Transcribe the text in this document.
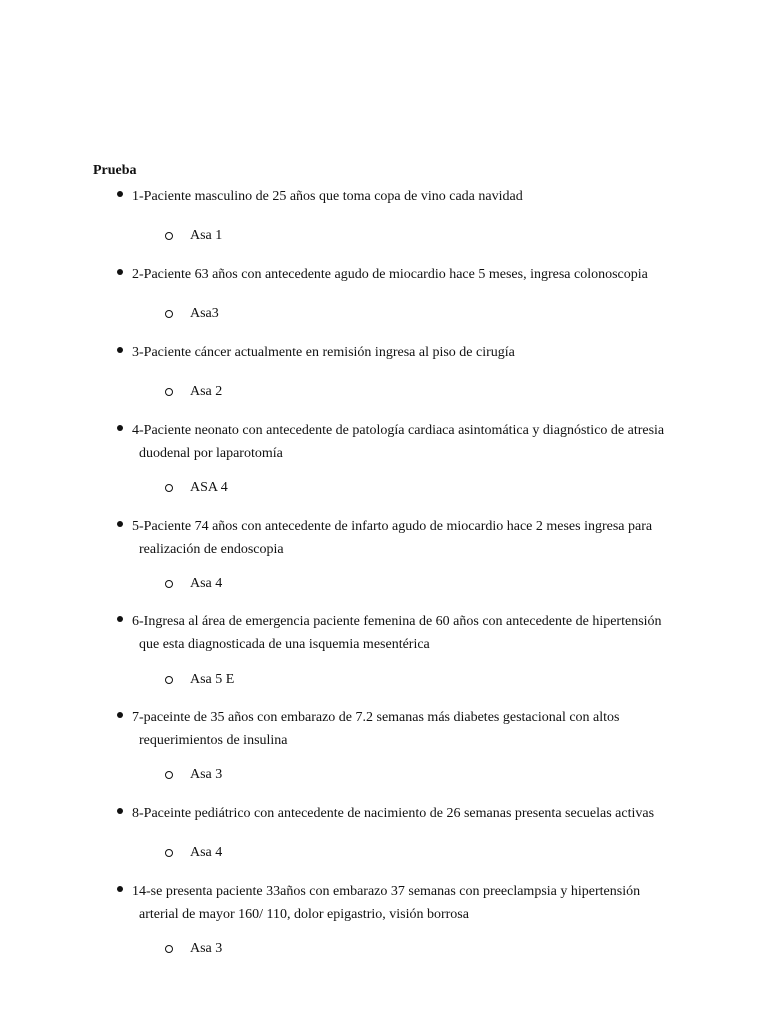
Prueba

1-Paciente masculino de 25 años que toma copa de vino cada navidad

Asa 1

2-Paciente 63 años con antecedente agudo de miocardio hace 5 meses, ingresa colonoscopia

Asa3

3-Paciente cáncer actualmente en remisión ingresa al piso de cirugía

Asa 2

4-Paciente neonato con antecedente de patología cardiaca asintomática y diagnóstico de atresia
duodenal por laparotomía

ASA 4

5-Paciente 74 años con antecedente de infarto agudo de miocardio hace 2 meses ingresa para
realización de endoscopia

Asa 4

6-Ingresa al área de emergencia paciente femenina de 60 años con antecedente de hipertensión
que esta diagnosticada de una isquemia mesentérica

Asa 5 E

7-paceinte de 35 años con embarazo de 7.2 semanas más diabetes gestacional con altos
requerimientos de insulina

Asa 3

8-Paceinte pediátrico con antecedente de nacimiento de 26 semanas presenta secuelas activas

Asa 4

14-se presenta paciente 33años con embarazo 37 semanas con preeclampsia y hipertensión
arterial de mayor 160/ 110, dolor epigastrio, visión borrosa

Asa 3
